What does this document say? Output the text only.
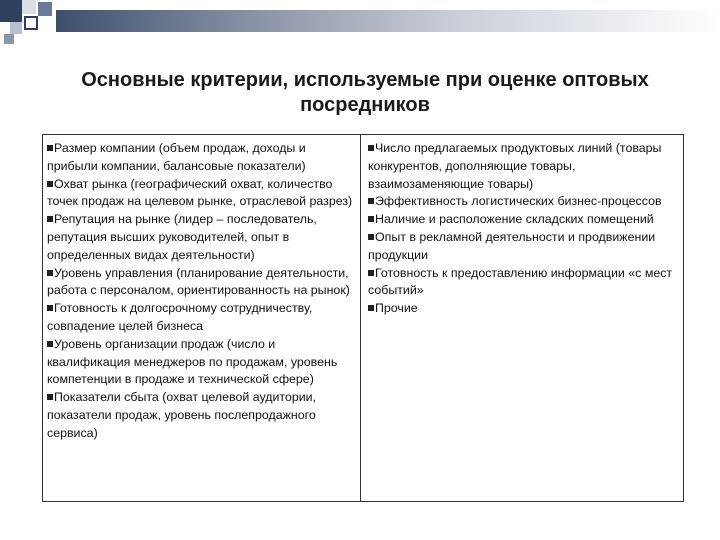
Основные критерии, используемые при оценке оптовых посредников
Размер компании (объем продаж, доходы и прибыли компании, балансовые показатели)
Охват рынка (географический охват, количество точек продаж на целевом рынке, отраслевой разрез)
Репутация на рынке (лидер – последователь, репутация высших руководителей, опыт в определенных видах деятельности)
Уровень управления (планирование деятельности, работа с персоналом, ориентированность на рынок)
Готовность к долгосрочному сотрудничеству, совпадение целей бизнеса
Уровень организации продаж (число и квалификация менеджеров по продажам, уровень компетенции в продаже и технической сфере)
Показатели сбыта (охват целевой аудитории, показатели продаж, уровень послепродажного сервиса)
Число предлагаемых продуктовых линий (товары конкурентов, дополняющие товары, взаимозаменяющие товары)
Эффективность логистических бизнес-процессов
Наличие и расположение складских помещений
Опыт в рекламной деятельности и продвижении продукции
Готовность к предоставлению информации «с мест событий»
Прочие
